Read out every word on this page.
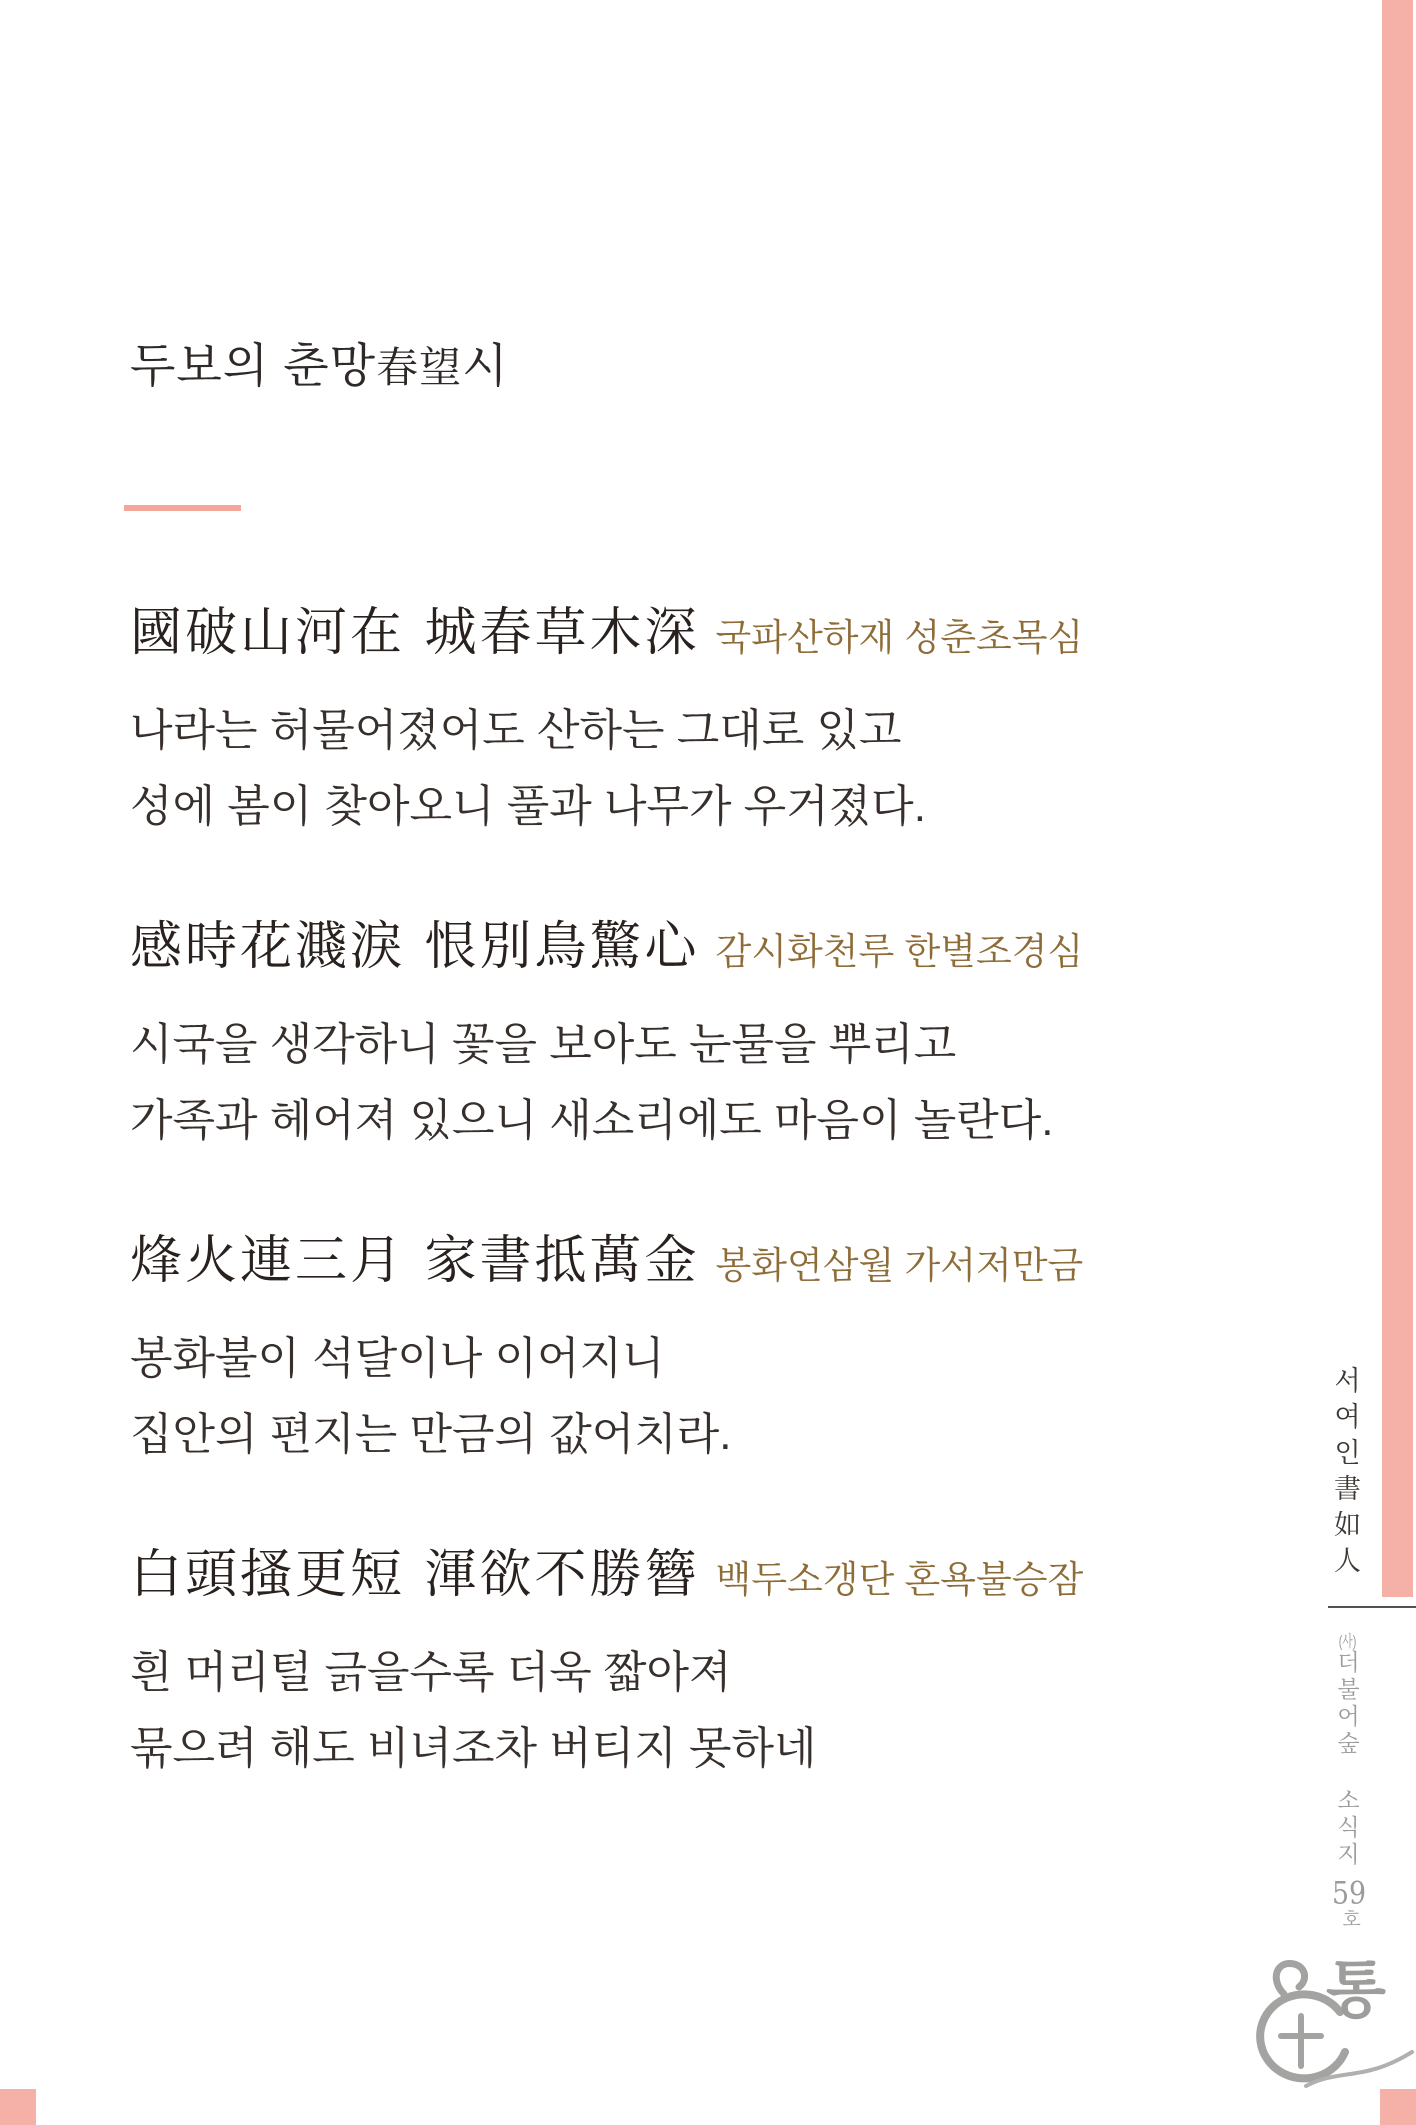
두보의 춘망春望시
國破山河在 城春草木深 국파산하재 성춘초목심
나라는 허물어졌어도 산하는 그대로 있고
성에 봄이 찾아오니 풀과 나무가 우거졌다.
感時花濺淚 恨別鳥驚心 감시화천루 한별조경심
시국을 생각하니 꽃을 보아도 눈물을 뿌리고
가족과 헤어져 있으니 새소리에도 마음이 놀란다.
烽火連三月 家書抵萬金 봉화연삼월 가서저만금
봉화불이 석달이나 이어지니
집안의 편지는 만금의 값어치라.
白頭搔更短 渾欲不勝簪 백두소갱단 혼욕불승잠
흰 머리털 긁을수록 더욱 짧아져
묶으려 해도 비녀조차 버티지 못하네
서여인書如人
(사)더불어숲 소식지
59호
통
